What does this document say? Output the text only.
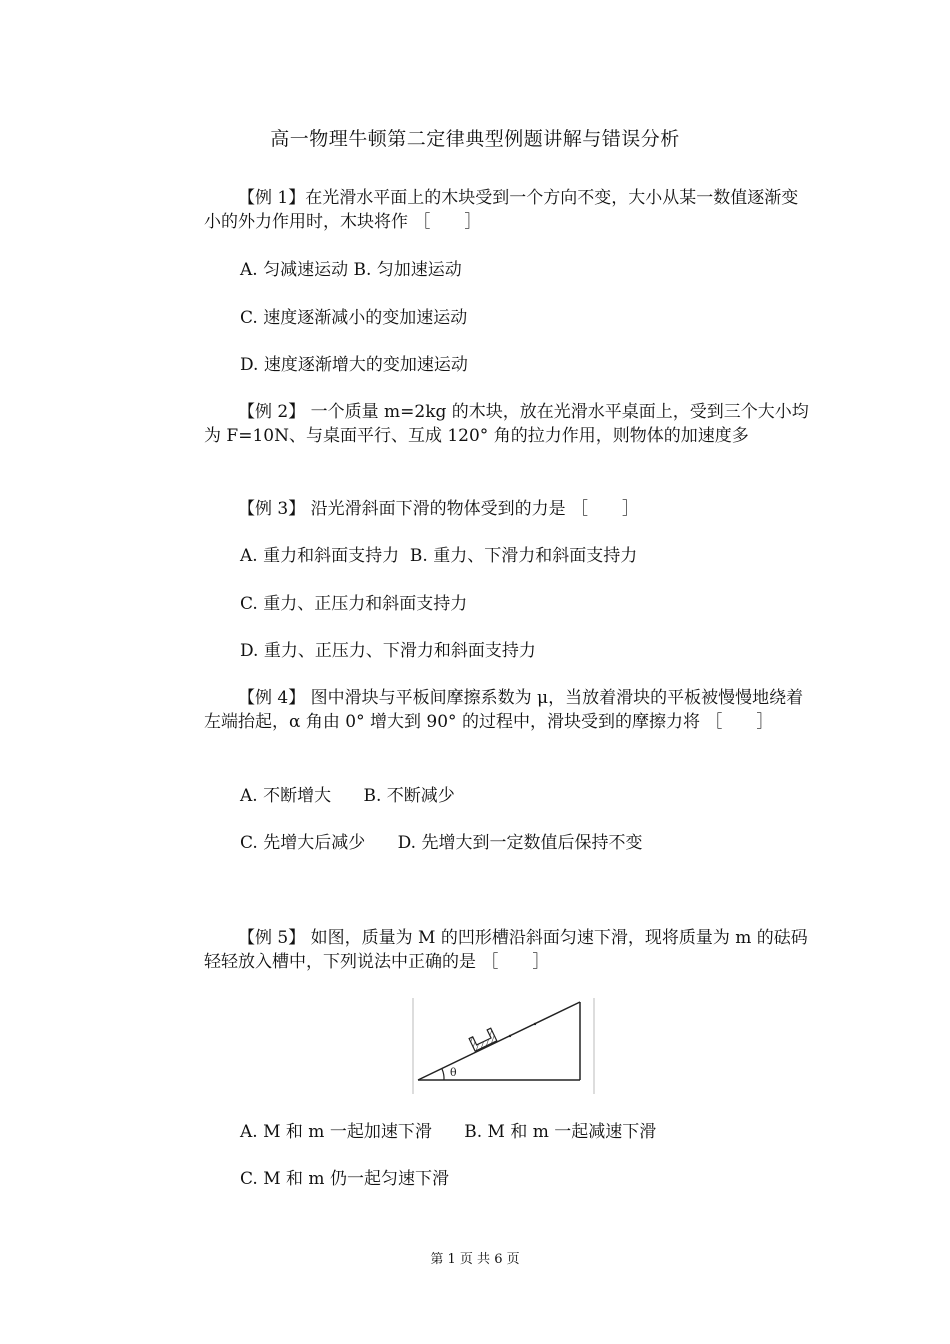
高一物理牛顿第二定律典型例题讲解与错误分析

【例 1】在光滑水平面上的木块受到一个方向不变，大小从某一数值逐渐变小的外力作用时，木块将作 ［　　］

A. 匀减速运动 B. 匀加速运动
C. 速度逐渐减小的变加速运动
D. 速度逐渐增大的变加速运动

【例 2】 一个质量 m=2kg 的木块，放在光滑水平桌面上，受到三个大小均为 F=10N、与桌面平行、互成 120° 角的拉力作用，则物体的加速度多

【例 3】 沿光滑斜面下滑的物体受到的力是 ［　　］

A. 重力和斜面支持力  B. 重力、下滑力和斜面支持力
C. 重力、正压力和斜面支持力
D. 重力、正压力、下滑力和斜面支持力

【例 4】 图中滑块与平板间摩擦系数为 μ，当放着滑块的平板被慢慢地绕着左端抬起，α 角由 0° 增大到 90° 的过程中，滑块受到的摩擦力将 ［　　］

A. 不断增大      B. 不断减少
C. 先增大后减少      D. 先增大到一定数值后保持不变

【例 5】 如图，质量为 M 的凹形槽沿斜面匀速下滑，现将质量为 m 的砝码轻轻放入槽中，下列说法中正确的是 ［　　］

θ
A. M 和 m 一起加速下滑      B. M 和 m 一起减速下滑
C. M 和 m 仍一起匀速下滑
第 1 页 共 6 页
